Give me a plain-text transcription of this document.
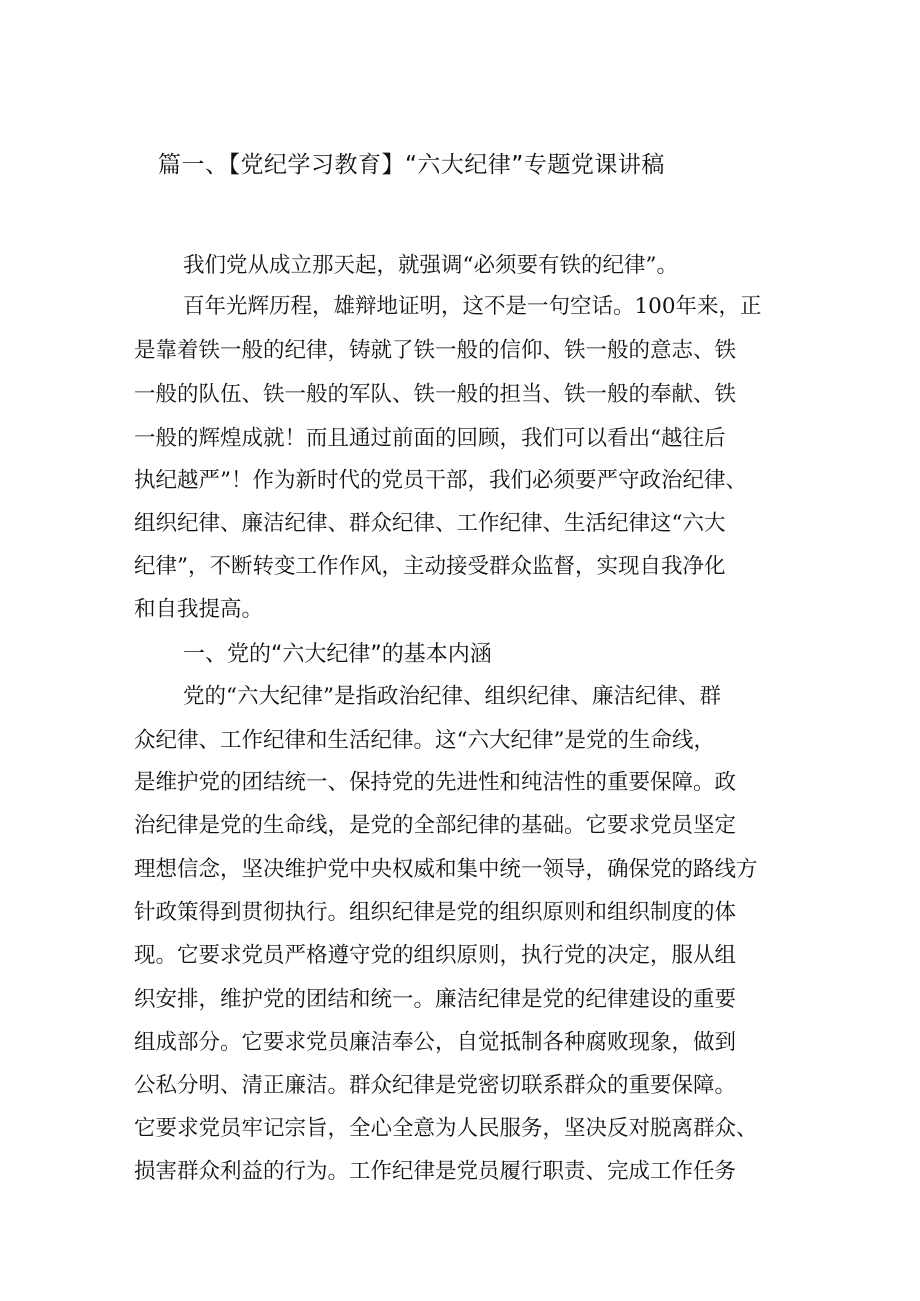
篇一、【党纪学习教育】“六大纪律”专题党课讲稿

我们党从成立那天起，就强调“必须要有铁的纪律”。

百年光辉历程，雄辩地证明，这不是一句空话。100年来，正

是靠着铁一般的纪律，铸就了铁一般的信仰、铁一般的意志、铁

一般的队伍、铁一般的军队、铁一般的担当、铁一般的奉献、铁

一般的辉煌成就！而且通过前面的回顾，我们可以看出“越往后

执纪越严”！作为新时代的党员干部，我们必须要严守政治纪律、

组织纪律、廉洁纪律、群众纪律、工作纪律、生活纪律这“六大

纪律”，不断转变工作作风，主动接受群众监督，实现自我净化

和自我提高。

一、党的“六大纪律”的基本内涵

党的“六大纪律”是指政治纪律、组织纪律、廉洁纪律、群

众纪律、工作纪律和生活纪律。这“六大纪律”是党的生命线，

是维护党的团结统一、保持党的先进性和纯洁性的重要保障。政

治纪律是党的生命线，是党的全部纪律的基础。它要求党员坚定

理想信念，坚决维护党中央权威和集中统一领导，确保党的路线方

针政策得到贯彻执行。组织纪律是党的组织原则和组织制度的体

现。它要求党员严格遵守党的组织原则，执行党的决定，服从组

织安排，维护党的团结和统一。廉洁纪律是党的纪律建设的重要

组成部分。它要求党员廉洁奉公，自觉抵制各种腐败现象，做到

公私分明、清正廉洁。群众纪律是党密切联系群众的重要保障。

它要求党员牢记宗旨，全心全意为人民服务，坚决反对脱离群众、

损害群众利益的行为。工作纪律是党员履行职责、完成工作任务
